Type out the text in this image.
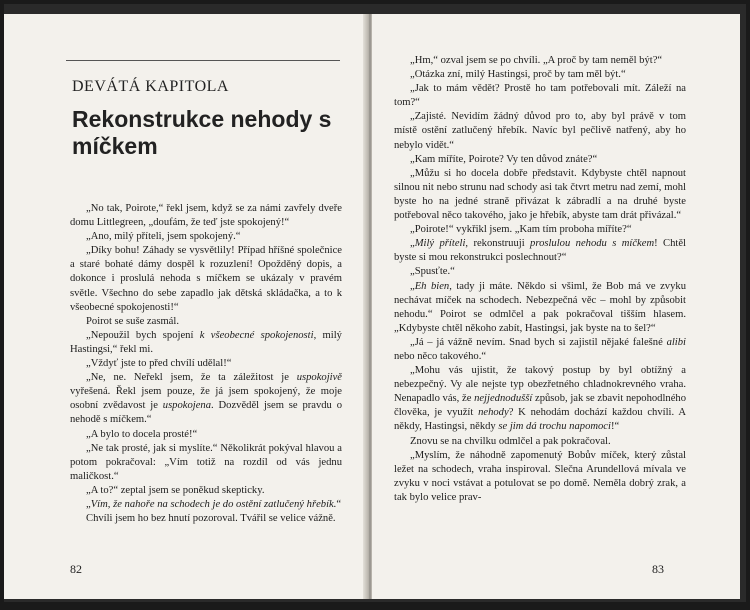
DEVÁTÁ KAPITOLA
Rekonstrukce nehody s míčkem

„No tak, Poirote,“ řekl jsem, když se za námi zavřely dveře domu Littlegreen, „doufám, že teď jste spokojený!“

„Ano, milý příteli, jsem spokojený.“

„Díky bohu! Záhady se vysvětlily! Případ hříšné společnice a staré bohaté dámy dospěl k rozuzlení! Opožděný dopis, a dokonce i proslulá nehoda s míčkem se ukázaly v pravém světle. Všechno do sebe zapadlo jak dětská skládačka, a to k všeobecné spokojenosti!“

Poirot se suše zasmál.

„Nepoužil bych spojení k všeobecné spokojenosti, milý Hastingsi,“ řekl mi.

„Vždyť jste to před chvílí udělal!“

„Ne, ne. Neřekl jsem, že ta záležitost je uspokojivě vyřešená. Řekl jsem pouze, že já jsem spokojený, že moje osobní zvědavost je uspokojena. Dozvěděl jsem se pravdu o nehodě s míčkem.“

„A bylo to docela prosté!“

„Ne tak prosté, jak si myslíte.“ Několikrát pokýval hlavou a potom pokračoval: „Vím totiž na rozdíl od vás jednu maličkost.“

„A to?“ zeptal jsem se poněkud skepticky.

„Vím, že nahoře na schodech je do ostění zatlučený hřebík.“

Chvíli jsem ho bez hnutí pozoroval. Tvářil se velice vážně.

82

„Hm,“ ozval jsem se po chvíli. „A proč by tam neměl být?“

„Otázka zní, milý Hastingsi, proč by tam měl být.“

„Jak to mám vědět? Prostě ho tam potřebovali mít. Záleží na tom?“

„Zajisté. Nevidím žádný důvod pro to, aby byl právě v tom místě ostění zatlučený hřebík. Navíc byl pečlivě natřený, aby ho nebylo vidět.“

„Kam míříte, Poirote? Vy ten důvod znáte?“

„Můžu si ho docela dobře představit. Kdybyste chtěl napnout silnou nit nebo strunu nad schody asi tak čtvrt metru nad zemí, mohl byste ho na jedné straně přivázat k zábradlí a na druhé byste potřeboval něco takového, jako je hřebík, abyste tam drát přivázal.“

„Poirote!“ vykřikl jsem. „Kam tím proboha míříte?“

„Milý příteli, rekonstruuji proslulou nehodu s míčkem! Chtěl byste si mou rekonstrukci poslechnout?“

„Spusťte.“

„Eh bien, tady ji máte. Někdo si všiml, že Bob má ve zvyku nechávat míček na schodech. Nebezpečná věc – mohl by způsobit nehodu.“ Poirot se odmlčel a pak pokračoval tišším hlasem. „Kdybyste chtěl někoho zabít, Hastingsi, jak byste na to šel?“

„Já – já vážně nevím. Snad bych si zajistil nějaké falešné alibi nebo něco takového.“

„Mohu vás ujistit, že takový postup by byl obtížný a nebezpečný. Vy ale nejste typ obezřetného chladnokrevného vraha. Nenapadlo vás, že nejjednodušší způsob, jak se zbavit nepohodlného člověka, je využít nehody? K nehodám dochází každou chvíli. A někdy, Hastingsi, někdy se jim dá trochu napomoci!“

Znovu se na chvilku odmlčel a pak pokračoval.

„Myslím, že náhodně zapomenutý Bobův míček, který zůstal ležet na schodech, vraha inspiroval. Slečna Arundellová mívala ve zvyku v noci vstávat a potulovat se po domě. Neměla dobrý zrak, a tak bylo velice prav-

83
